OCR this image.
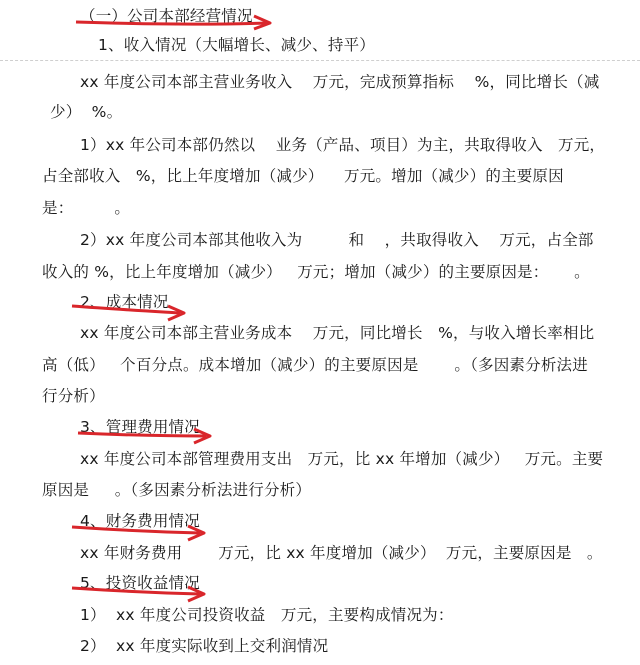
（一）公司本部经营情况
1、收入情况（大幅增长、减少、持平）
xx 年度公司本部主营业务收入    万元，完成预算指标    %，同比增长（减
少）  %。
1）xx 年公司本部仍然以    业务（产品、项目）为主，共取得收入   万元，
占全部收入   %，比上年度增加（减少）    万元。增加（减少）的主要原因
是：        。
2）xx 年度公司本部其他收入为         和    ，共取得收入    万元，占全部
收入的 %，比上年度增加（减少）   万元；增加（减少）的主要原因是：     。
2、成本情况
xx 年度公司本部主营业务成本    万元，同比增长   %，与收入增长率相比
高（低）   个百分点。成本增加（减少）的主要原因是       。（多因素分析法进
行分析）
3、管理费用情况
xx 年度公司本部管理费用支出   万元，比 xx 年增加（减少）   万元。主要
原因是     。（多因素分析法进行分析）
4、财务费用情况
xx 年财务费用       万元，比 xx 年度增加（减少）  万元，主要原因是   。
5、投资收益情况
1）  xx 年度公司投资收益   万元，主要构成情况为：
2）  xx 年度实际收到上交利润情况
